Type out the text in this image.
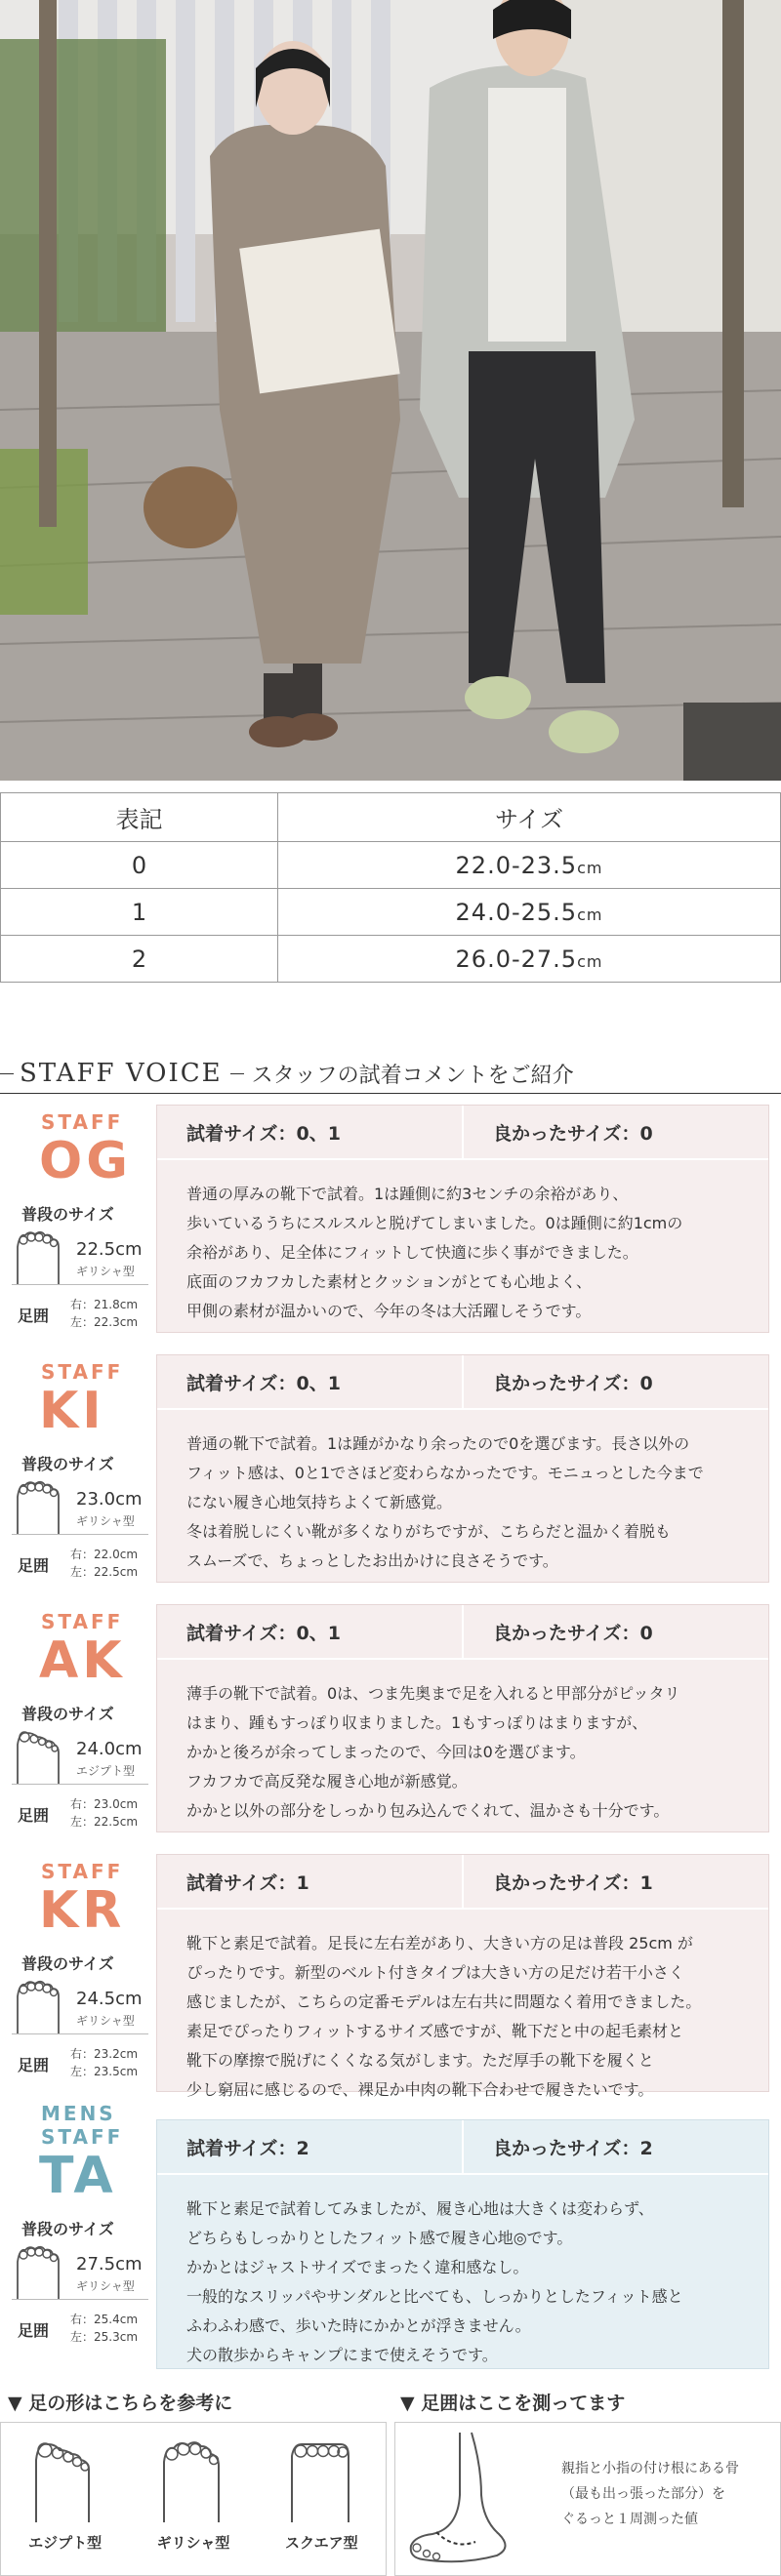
表記	サイズ
0	22.0-23.5cm
1	24.0-25.5cm
2	26.0-27.5cm
STAFF VOICE スタッフの試着コメントをご紹介
STAFF
OG
普段のサイズ
22.5cm
ギリシャ型
足囲
右：21.8cm
左：22.3cm
試着サイズ：0、1	良かったサイズ：0
普通の厚みの靴下で試着。1は踵側に約3センチの余裕があり、
歩いているうちにスルスルと脱げてしまいました。0は踵側に約1cmの
余裕があり、足全体にフィットして快適に歩く事ができました。
底面のフカフカした素材とクッションがとても心地よく、
甲側の素材が温かいので、今年の冬は大活躍しそうです。
STAFF
KI
普段のサイズ
23.0cm
ギリシャ型
足囲
右：22.0cm
左：22.5cm
試着サイズ：0、1	良かったサイズ：0
普通の靴下で試着。1は踵がかなり余ったので0を選びます。長さ以外の
フィット感は、0と1でさほど変わらなかったです。モニュっとした今まで
にない履き心地気持ちよくて新感覚。
冬は着脱しにくい靴が多くなりがちですが、こちらだと温かく着脱も
スムーズで、ちょっとしたお出かけに良さそうです。
STAFF
AK
普段のサイズ
24.0cm
エジプト型
足囲
右：23.0cm
左：22.5cm
試着サイズ：0、1	良かったサイズ：0
薄手の靴下で試着。0は、つま先奥まで足を入れると甲部分がピッタリ
はまり、踵もすっぽり収まりました。1もすっぽりはまりますが、
かかと後ろが余ってしまったので、今回は0を選びます。
フカフカで高反発な履き心地が新感覚。
かかと以外の部分をしっかり包み込んでくれて、温かさも十分です。
STAFF
KR
普段のサイズ
24.5cm
ギリシャ型
足囲
右：23.2cm
左：23.5cm
試着サイズ：1	良かったサイズ：1
靴下と素足で試着。足長に左右差があり、大きい方の足は普段 25cm が
ぴったりです。新型のベルト付きタイプは大きい方の足だけ若干小さく
感じましたが、こちらの定番モデルは左右共に問題なく着用できました。
素足でぴったりフィットするサイズ感ですが、靴下だと中の起毛素材と
靴下の摩擦で脱げにくくなる気がします。ただ厚手の靴下を履くと
少し窮屈に感じるので、裸足か中肉の靴下合わせで履きたいです。
MENS
STAFF
TA
普段のサイズ
27.5cm
ギリシャ型
足囲
右：25.4cm
左：25.3cm
試着サイズ：2	良かったサイズ：2
靴下と素足で試着してみましたが、履き心地は大きくは変わらず、
どちらもしっかりとしたフィット感で履き心地◎です。
かかとはジャストサイズでまったく違和感なし。
一般的なスリッパやサンダルと比べても、しっかりとしたフィット感と
ふわふわ感で、歩いた時にかかとが浮きません。
犬の散歩からキャンプにまで使えそうです。
▼ 足の形はこちらを参考に	▼ 足囲はここを測ってます
エジプト型	ギリシャ型	スクエア型
親指と小指の付け根にある骨
（最も出っ張った部分）を
ぐるっと１周測った値
